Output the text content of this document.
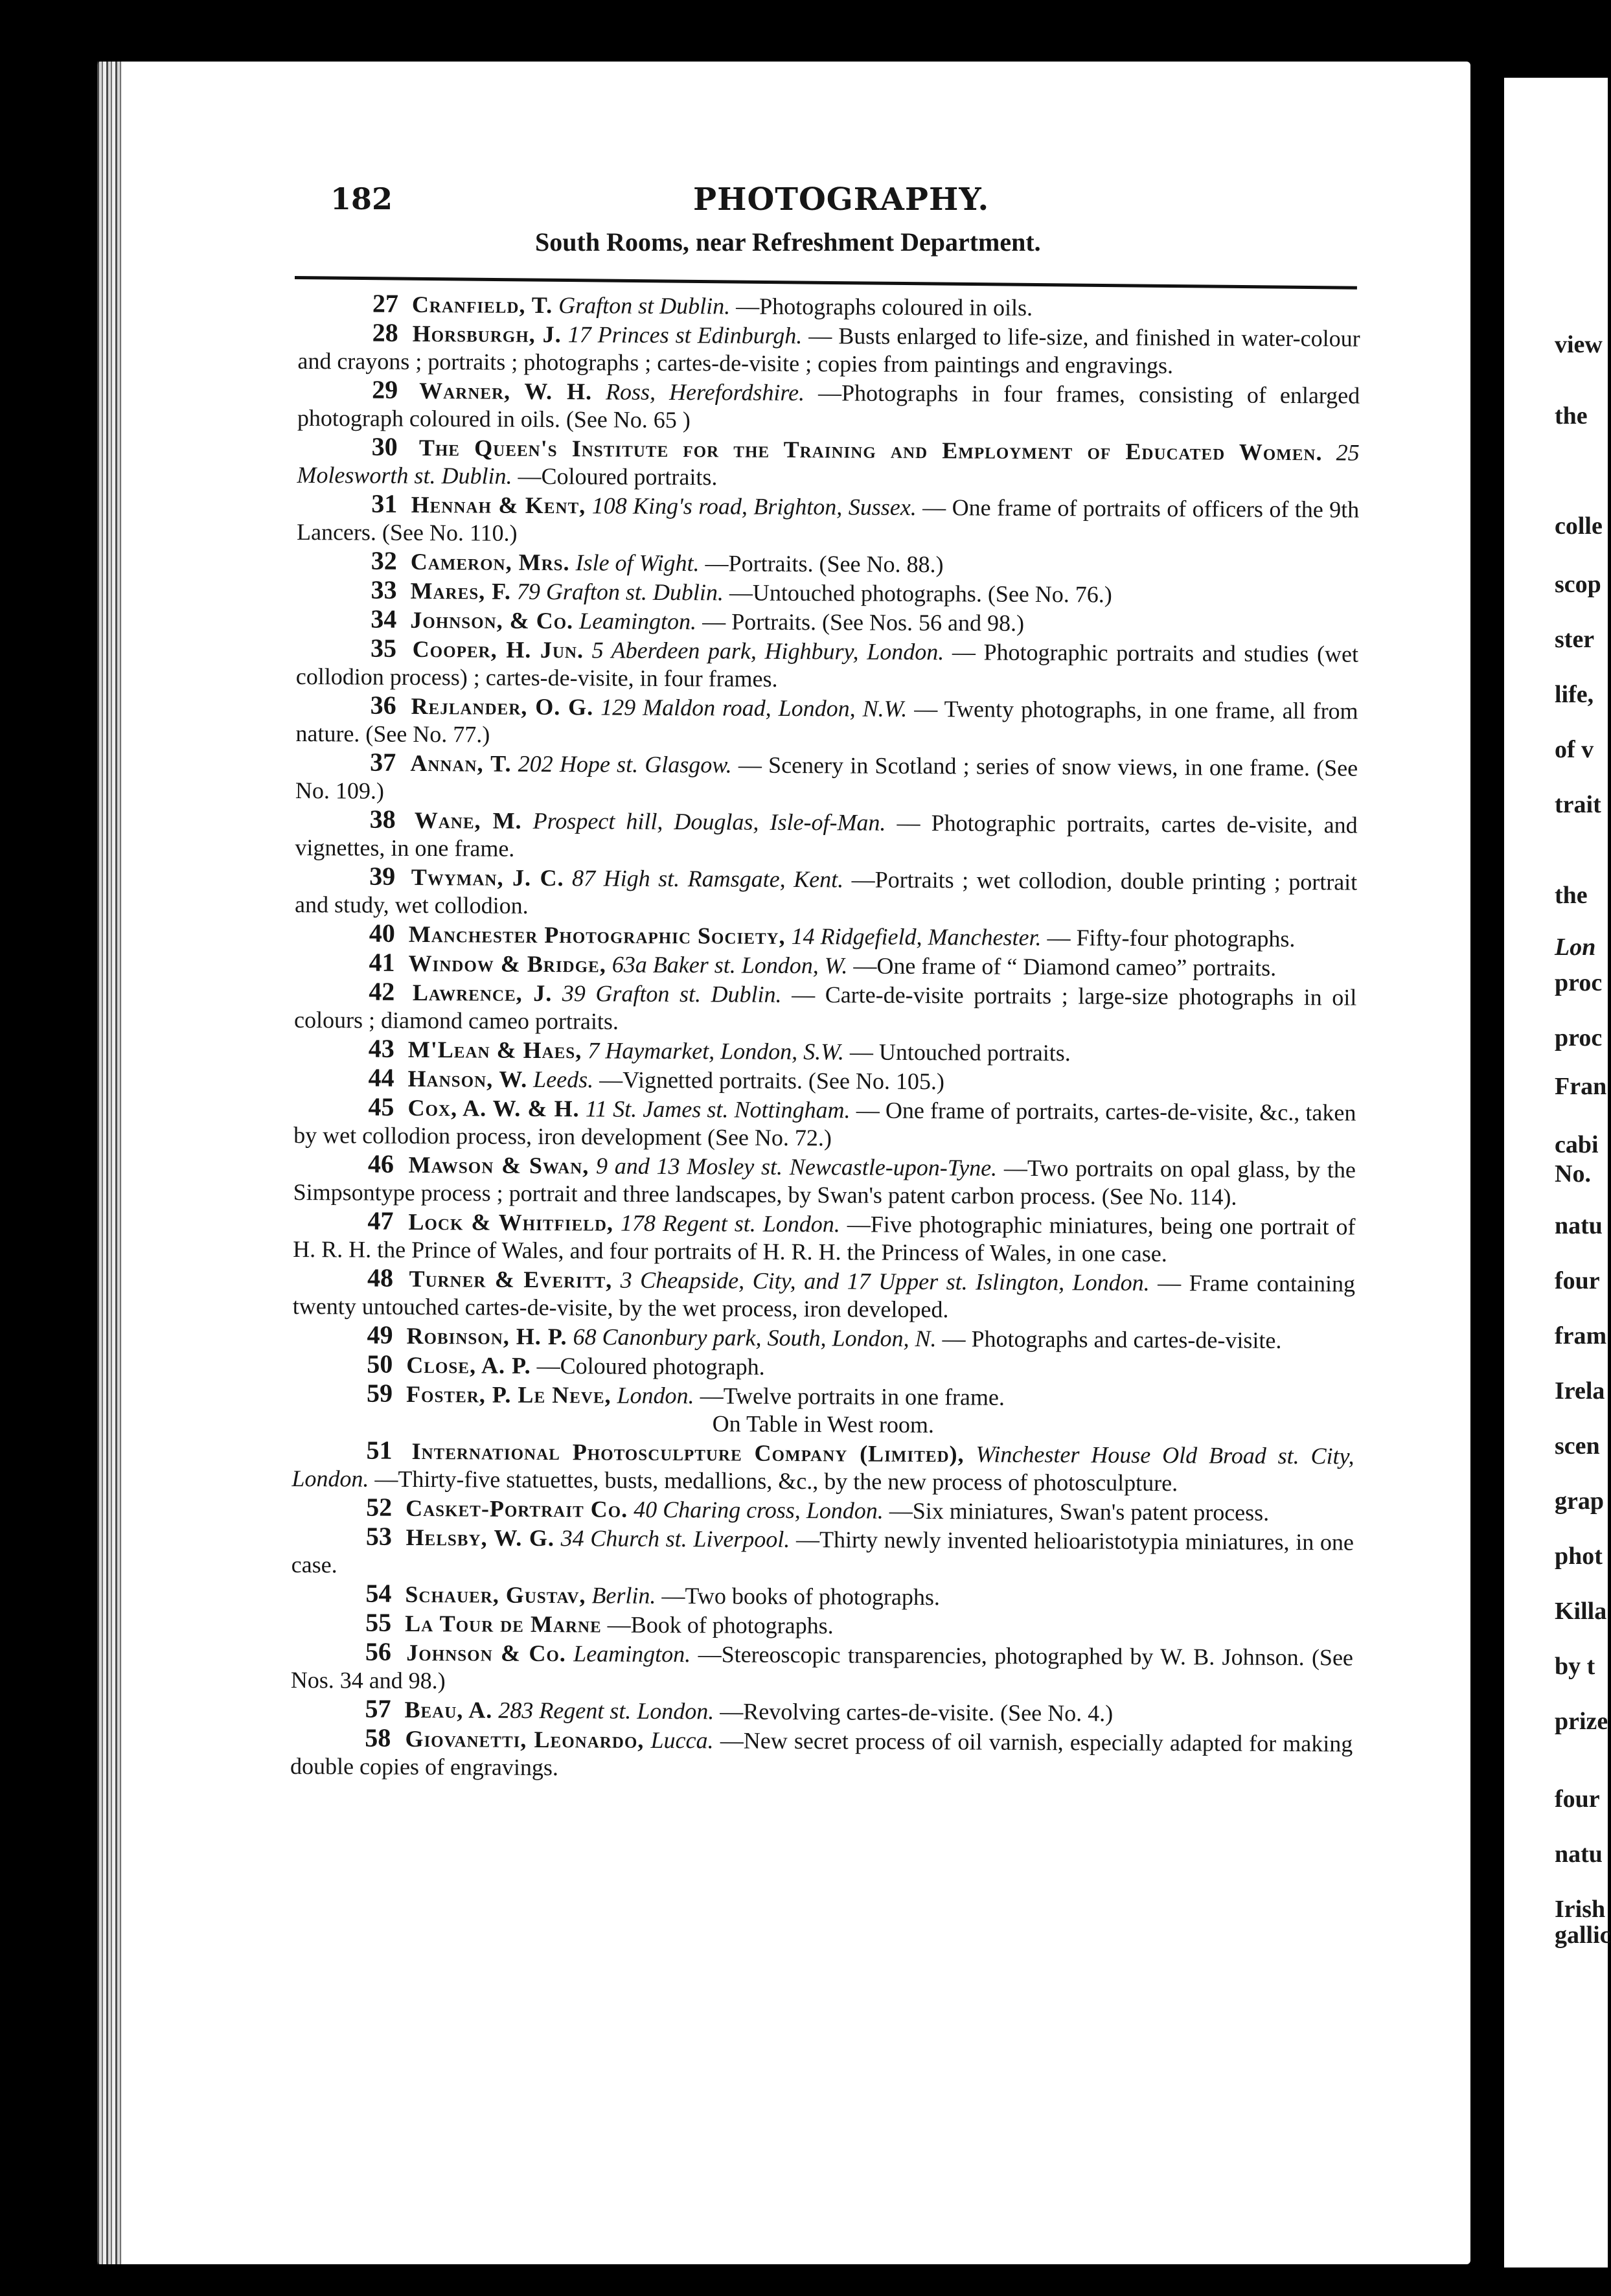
182	PHOTOGRAPHY.
South Rooms, near Refreshment Department.

27 Cranfield, T. Grafton st Dublin. —Photographs coloured in oils.

28 Horsburgh, J. 17 Princes st Edinburgh. — Busts enlarged to life-size, and finished in water-colour and crayons ; portraits ; photographs ; cartes-de-visite ; copies from paintings and engravings.

29 Warner, W. H. Ross, Herefordshire. —Photographs in four frames, consisting of enlarged photograph coloured in oils. (See No. 65 )

30 The Queen's Institute for the Training and Employment of Educated Women. 25 Molesworth st. Dublin. —Coloured portraits.

31 Hennah & Kent, 108 King's road, Brighton, Sussex. — One frame of portraits of officers of the 9th Lancers. (See No. 110.)

32 Cameron, Mrs. Isle of Wight. —Portraits. (See No. 88.)

33 Mares, F. 79 Grafton st. Dublin. —Untouched photographs. (See No. 76.)

34 Johnson, & Co. Leamington. — Portraits. (See Nos. 56 and 98.)

35 Cooper, H. Jun. 5 Aberdeen park, Highbury, London. — Photographic portraits and studies (wet collodion process) ; cartes-de-visite, in four frames.

36 Rejlander, O. G. 129 Maldon road, London, N.W. — Twenty photographs, in one frame, all from nature. (See No. 77.)

37 Annan, T. 202 Hope st. Glasgow. — Scenery in Scotland ; series of snow views, in one frame. (See No. 109.)

38 Wane, M. Prospect hill, Douglas, Isle-of-Man. — Photographic portraits, cartes de-visite, and vignettes, in one frame.

39 Twyman, J. C. 87 High st. Ramsgate, Kent. —Portraits ; wet collodion, double printing ; portrait and study, wet collodion.

40 Manchester Photographic Society, 14 Ridgefield, Manchester. — Fifty-four photographs.

41 Window & Bridge, 63a Baker st. London, W. —One frame of “ Diamond cameo” portraits.

42 Lawrence, J. 39 Grafton st. Dublin. — Carte-de-visite portraits ; large-size photographs in oil colours ; diamond cameo portraits.

43 M'Lean & Haes, 7 Haymarket, London, S.W. — Untouched portraits.

44 Hanson, W. Leeds. —Vignetted portraits. (See No. 105.)

45 Cox, A. W. & H. 11 St. James st. Nottingham. — One frame of portraits, cartes-de-visite, &c., taken by wet collodion process, iron development (See No. 72.)

46 Mawson & Swan, 9 and 13 Mosley st. Newcastle-upon-Tyne. —Two portraits on opal glass, by the Simpsontype process ; portrait and three landscapes, by Swan's patent carbon process. (See No. 114).

47 Lock & Whitfield, 178 Regent st. London. —Five photographic miniatures, being one portrait of H. R. H. the Prince of Wales, and four portraits of H. R. H. the Princess of Wales, in one case.

48 Turner & Everitt, 3 Cheapside, City, and 17 Upper st. Islington, London. — Frame containing twenty untouched cartes-de-visite, by the wet process, iron developed.

49 Robinson, H. P. 68 Canonbury park, South, London, N. — Photographs and cartes-de-visite.

50 Close, A. P. —Coloured photograph.

59 Foster, P. Le Neve, London. —Twelve portraits in one frame.

On Table in West room.

51 International Photosculpture Company (Limited), Winchester House Old Broad st. City, London. —Thirty-five statuettes, busts, medallions, &c., by the new process of photosculpture.

52 Casket-Portrait Co. 40 Charing cross, London. —Six miniatures, Swan's patent process.

53 Helsby, W. G. 34 Church st. Liverpool. —Thirty newly invented helioaristotypia miniatures, in one case.

54 Schauer, Gustav, Berlin. —Two books of photographs.

55 La Tour de Marne —Book of photographs.

56 Johnson & Co. Leamington. —Stereoscopic transparencies, photographed by W. B. Johnson. (See Nos. 34 and 98.)

57 Beau, A. 283 Regent st. London. —Revolving cartes-de-visite. (See No. 4.)

58 Giovanetti, Leonardo, Lucca. —New secret process of oil varnish, especially adapted for making double copies of engravings.

view
the
colle
scop
ster
life,
of v
trait
the
Lon
proc
proc
Fran
cabi
No.
natu
four
fram
Irela
scen
grap
phot
Killa
by t
prize
four
natu
Irish
gallic
